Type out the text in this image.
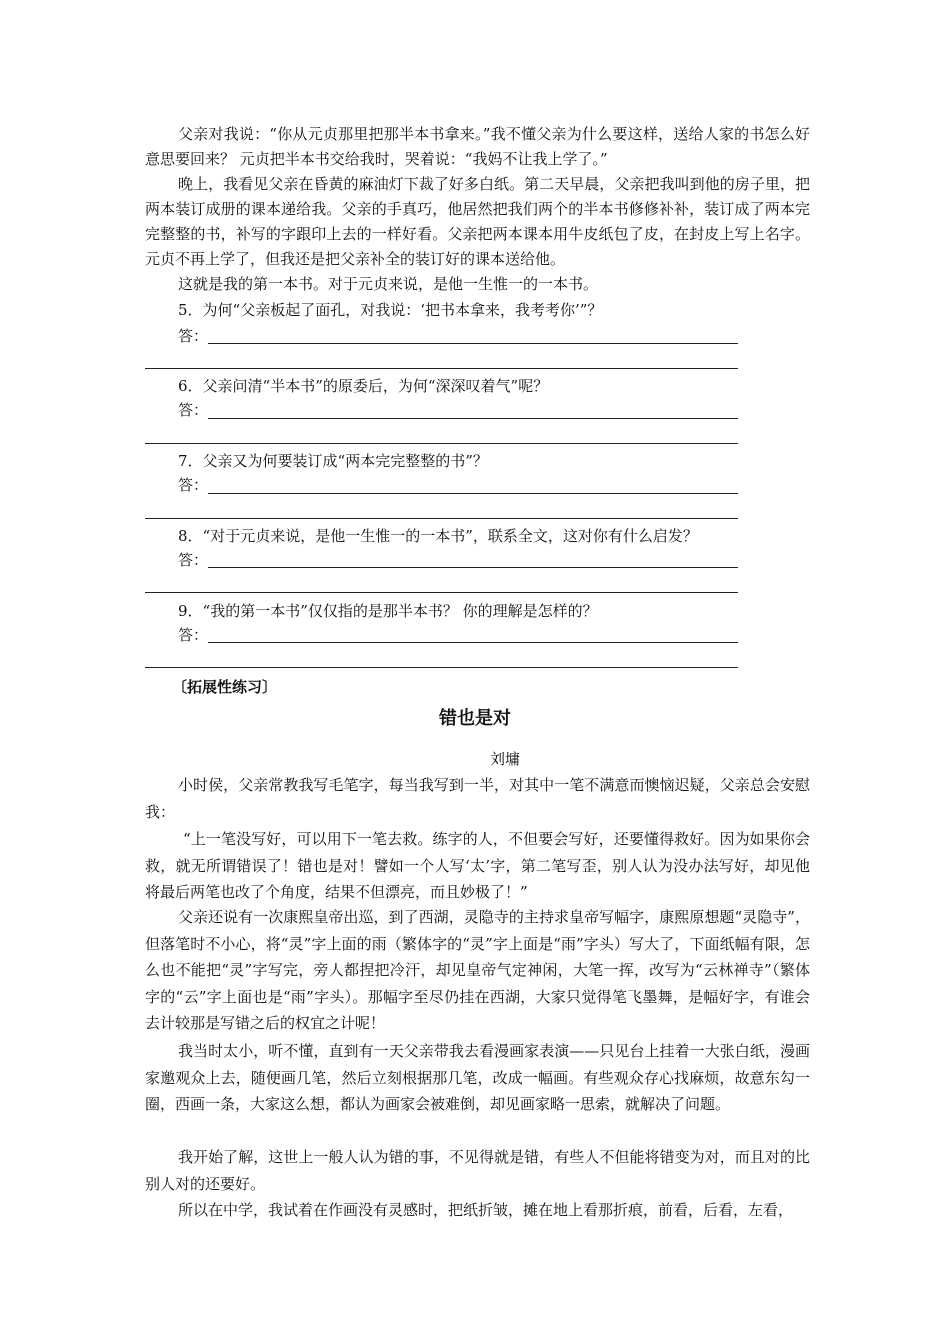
父亲对我说：“你从元贞那里把那半本书拿来。”我不懂父亲为什么要这样，送给人家的书怎么好意思要回来？ 元贞把半本书交给我时，哭着说：“我妈不让我上学了。”
晚上，我看见父亲在昏黄的麻油灯下裁了好多白纸。第二天早晨，父亲把我叫到他的房子里，把两本装订成册的课本递给我。父亲的手真巧，他居然把我们两个的半本书修修补补，装订成了两本完完整整的书，补写的字跟印上去的一样好看。父亲把两本课本用牛皮纸包了皮，在封皮上写上名字。元贞不再上学了，但我还是把父亲补全的装订好的课本送给他。
这就是我的第一本书。对于元贞来说，是他一生惟一的一本书。
5．为何“父亲板起了面孔，对我说：‘把书本拿来，我考考你’”？
答：
6．父亲问清“半本书”的原委后，为何“深深叹着气”呢？
答：
7．父亲又为何要装订成“两本完完整整的书”？
答：
8．“对于元贞来说，是他一生惟一的一本书”，联系全文，这对你有什么启发？
答：
9．“我的第一本书”仅仅指的是那半本书？ 你的理解是怎样的？
答：
〔拓展性练习〕
错也是对
刘墉
小时侯，父亲常教我写毛笔字，每当我写到一半，对其中一笔不满意而懊恼迟疑，父亲总会安慰我：
“上一笔没写好，可以用下一笔去救。练字的人，不但要会写好，还要懂得救好。因为如果你会救，就无所谓错误了！错也是对！譬如一个人写‘太’字，第二笔写歪，别人认为没办法写好，却见他将最后两笔也改了个角度，结果不但漂亮，而且妙极了！”
父亲还说有一次康熙皇帝出巡，到了西湖，灵隐寺的主持求皇帝写幅字，康熙原想题“灵隐寺”，但落笔时不小心，将“灵”字上面的雨（繁体字的“灵”字上面是“雨”字头）写大了，下面纸幅有限，怎么也不能把“灵”字写完，旁人都捏把冷汗，却见皇帝气定神闲，大笔一挥，改写为“云林禅寺”（繁体字的“云”字上面也是“雨”字头）。那幅字至尽仍挂在西湖，大家只觉得笔飞墨舞，是幅好字，有谁会去计较那是写错之后的权宜之计呢！
我当时太小，听不懂，直到有一天父亲带我去看漫画家表演——只见台上挂着一大张白纸，漫画家邀观众上去，随便画几笔，然后立刻根据那几笔，改成一幅画。有些观众存心找麻烦，故意东勾一圈，西画一条，大家这么想，都认为画家会被难倒，却见画家略一思索，就解决了问题。
我开始了解，这世上一般人认为错的事，不见得就是错，有些人不但能将错变为对，而且对的比别人对的还要好。
所以在中学，我试着在作画没有灵感时，把纸折皱，摊在地上看那折痕，前看，后看，左看，
